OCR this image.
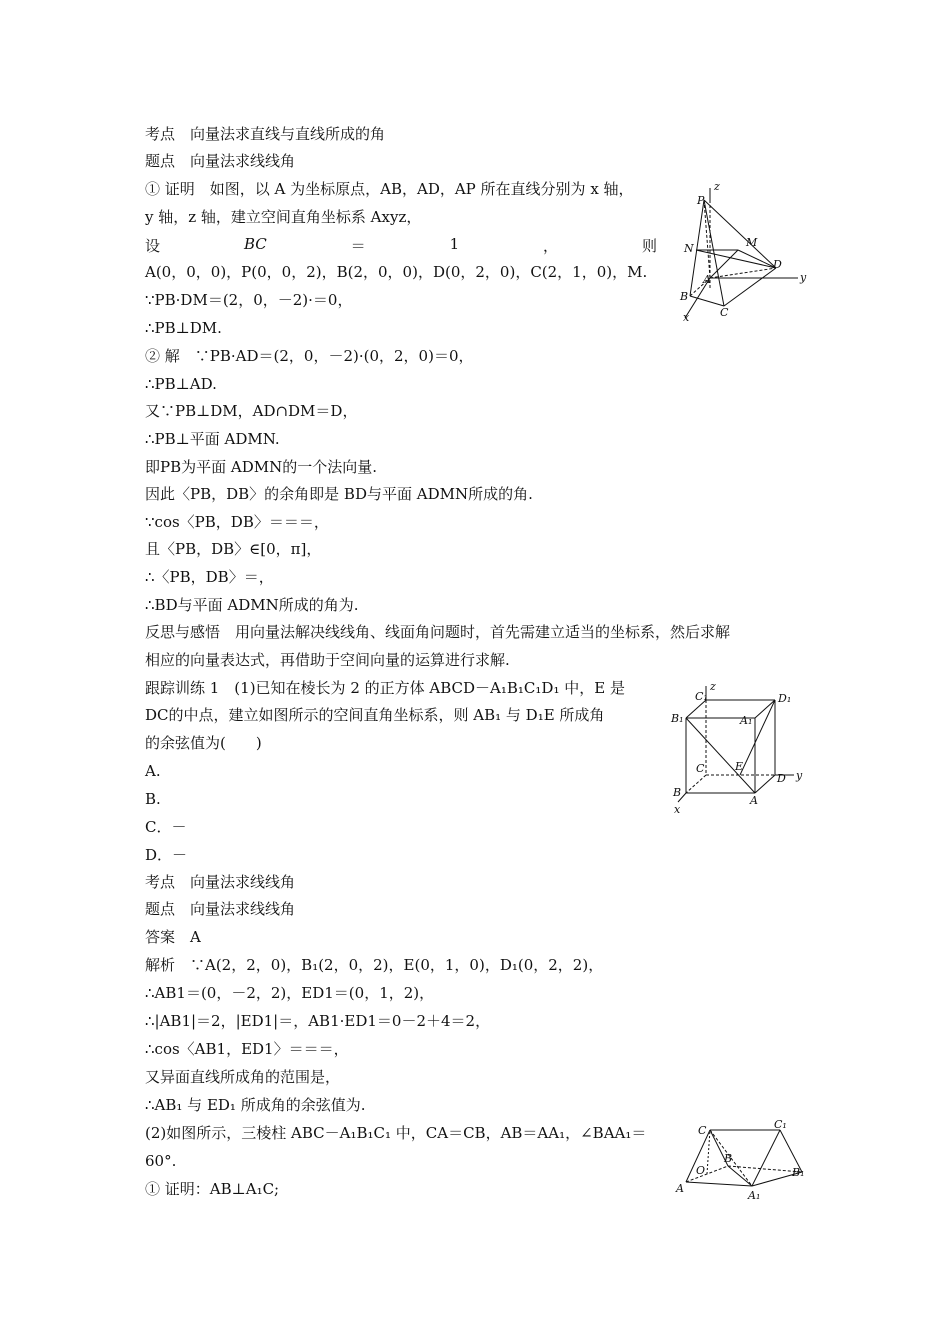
考点　向量法求直线与直线所成的角
题点　向量法求线线角
① 证明　如图，以 A 为坐标原点，AB，AD，AP 所在直线分别为 x 轴，
y 轴，z 轴，建立空间直角坐标系 Axyz，
设	BC	＝	1	，	则
A(0，0，0)，P(0，0，2)，B(2，0，0)，D(0，2，0)，C(2，1，0)，M.
∵PB·DM＝(2，0，－2)·＝0，
∴PB⊥DM.
② 解　∵PB·AD＝(2，0，－2)·(0，2，0)＝0，
∴PB⊥AD.
又∵PB⊥DM，AD∩DM＝D，
∴PB⊥平面 ADMN.
即PB为平面 ADMN的一个法向量.
因此〈PB，DB〉的余角即是 BD与平面 ADMN所成的角.
∵cos〈PB，DB〉＝＝＝，
且〈PB，DB〉∈[0，π]，
∴〈PB，DB〉＝，
∴BD与平面 ADMN所成的角为.
反思与感悟　用向量法解决线线角、线面角问题时，首先需建立适当的坐标系，然后求解
相应的向量表达式，再借助于空间向量的运算进行求解.
跟踪训练 1　(1)已知在棱长为 2 的正方体 ABCD－A₁B₁C₁D₁ 中，E 是
DC的中点，建立如图所示的空间直角坐标系，则 AB₁ 与 D₁E 所成角
的余弦值为(　　)
A.
B.
C．－
D．－
考点　向量法求线线角
题点　向量法求线线角
答案　A
解析　∵A(2，2，0)，B₁(2，0，2)，E(0，1，0)，D₁(0，2，2)，
∴AB1＝(0，－2，2)，ED1＝(0，1，2)，
∴|AB1|＝2，|ED1|＝，AB1·ED1＝0－2＋4＝2，
∴cos〈AB1，ED1〉＝＝＝，
又异面直线所成角的范围是，
∴AB₁ 与 ED₁ 所成角的余弦值为.
(2)如图所示，三棱柱 ABC－A₁B₁C₁ 中，CA＝CB，AB＝AA₁，∠BAA₁＝
60°.
① 证明：AB⊥A₁C;
z
P
M
N
D
y
A
B
C
x
z
C₁	D₁
B₁	A₁
C	E
D y
B
A
x
C	C₁
B
O	B₁
A
A₁
